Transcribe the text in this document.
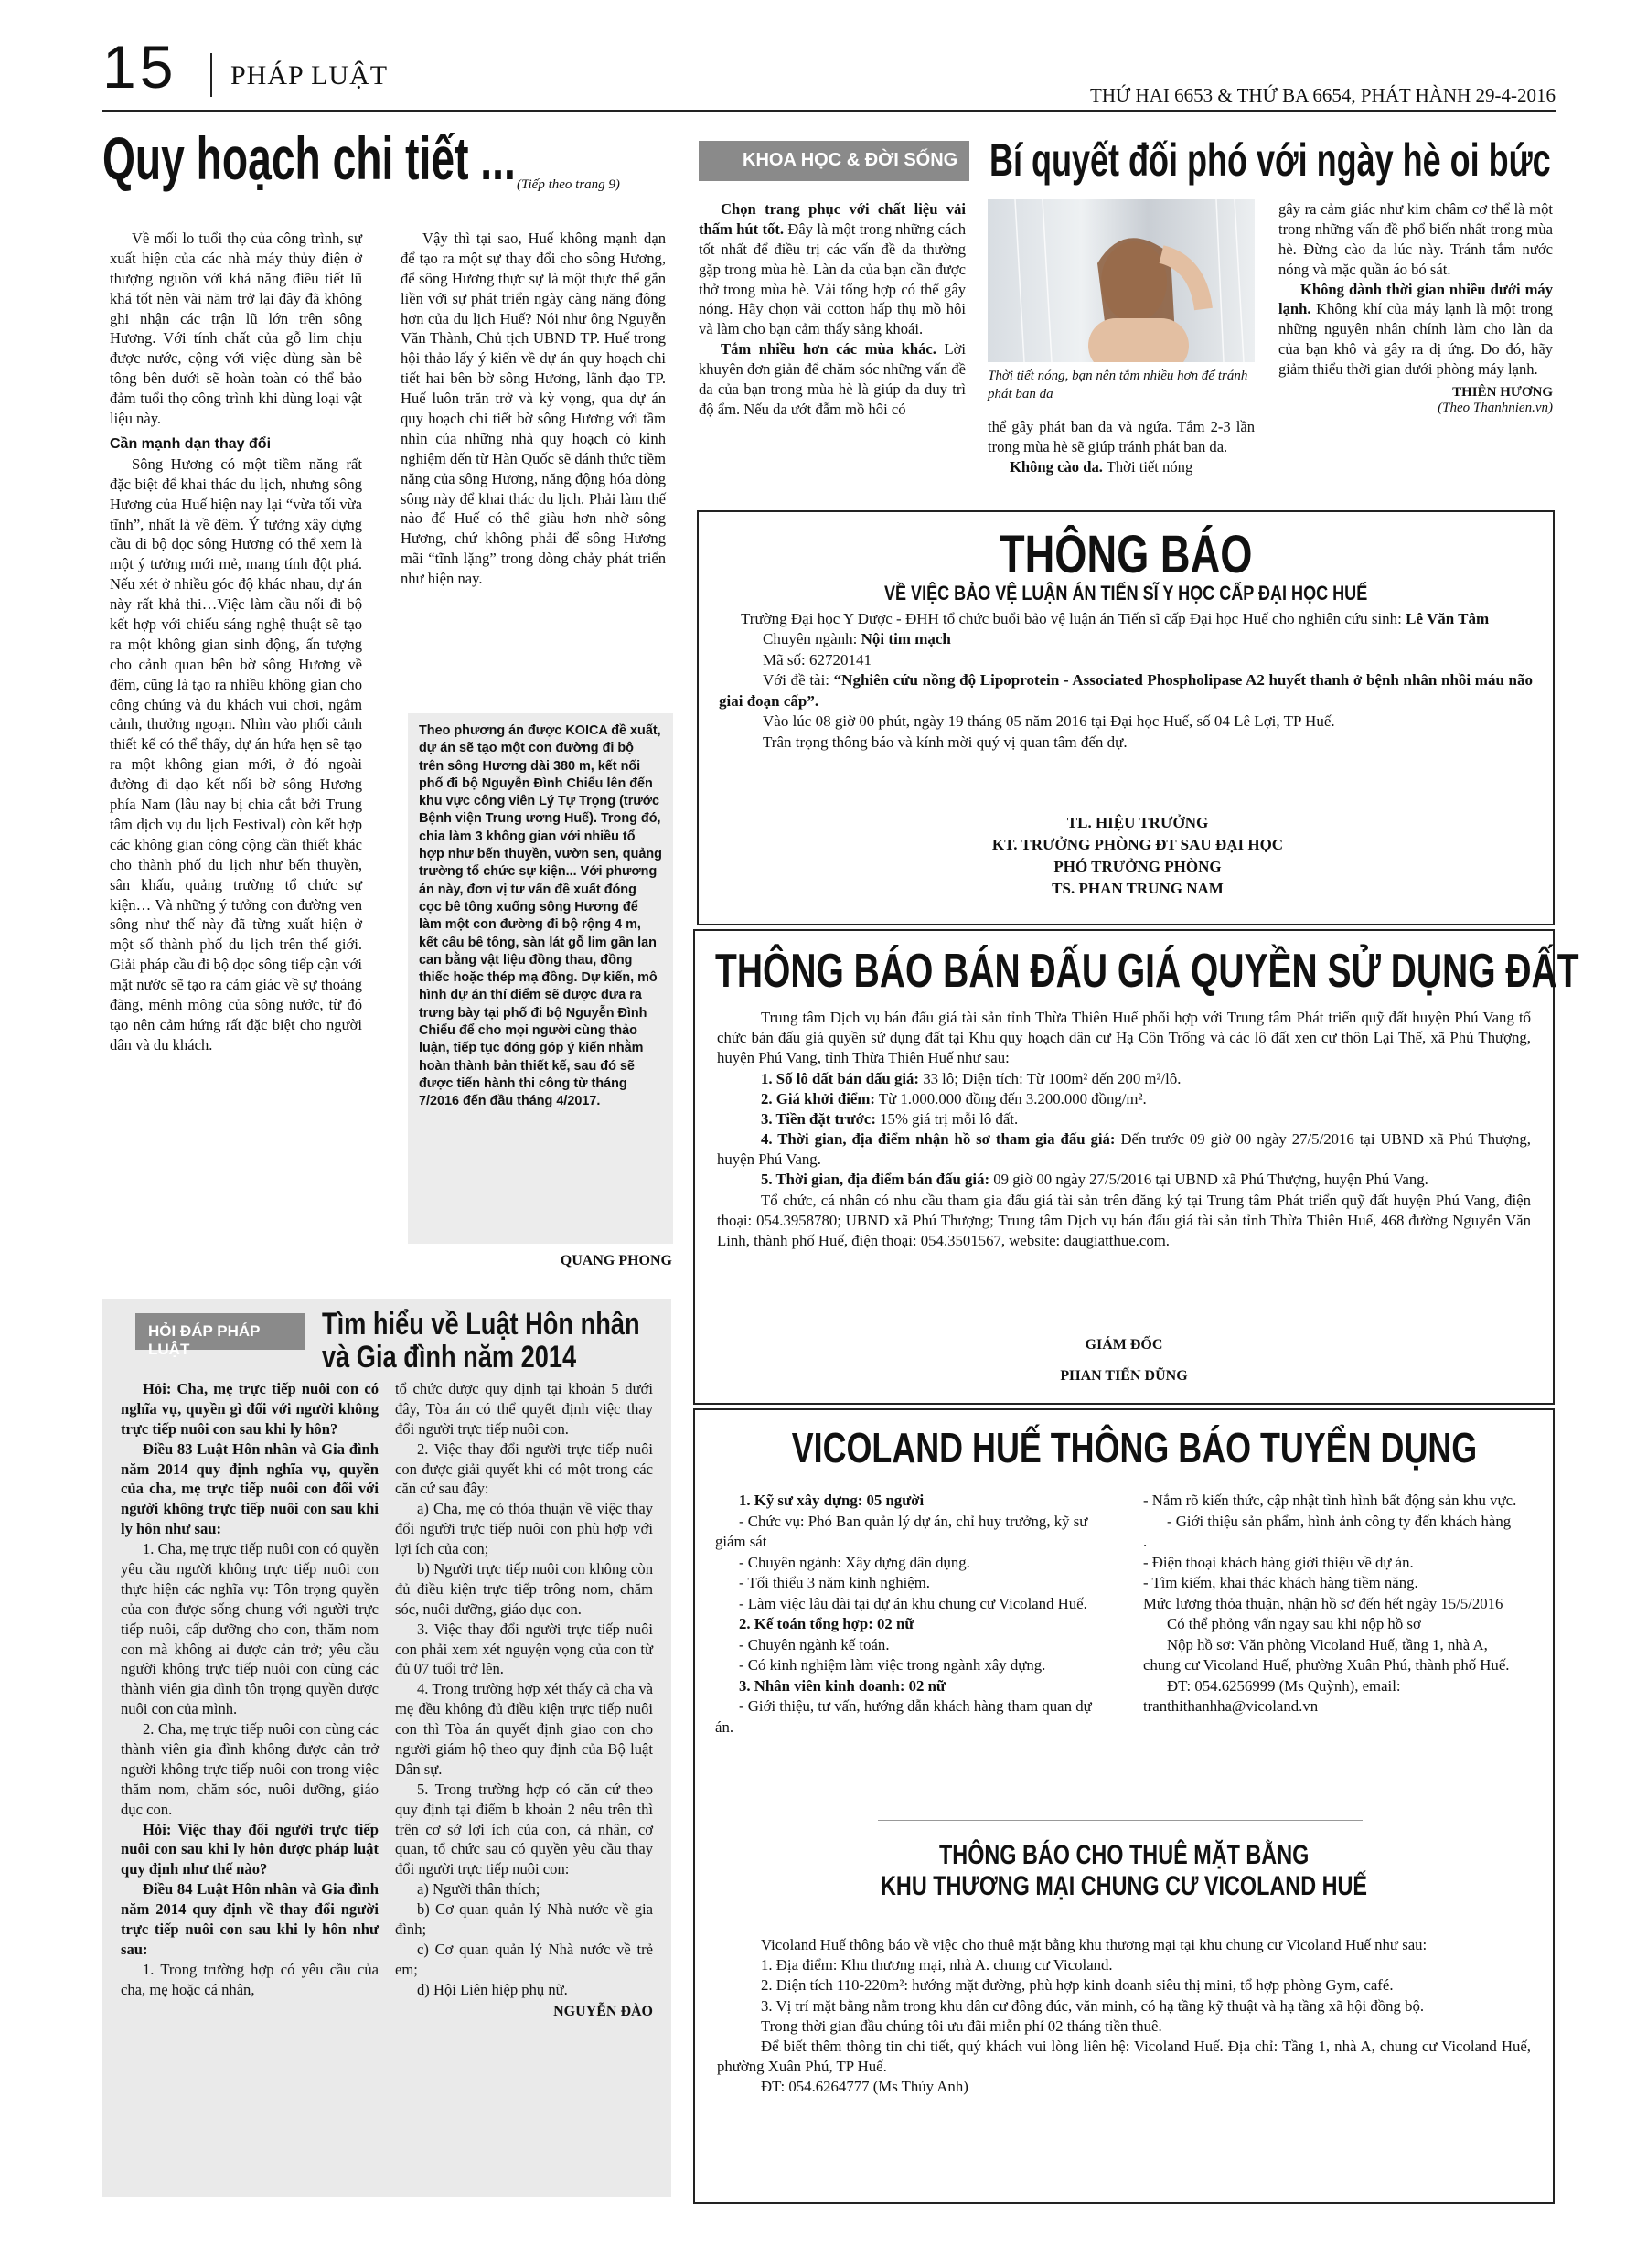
15 PHÁP LUẬT
THỨ HAI 6653 & THỨ BA 6654, PHÁT HÀNH 29-4-2016
Quy hoạch chi tiết ... (Tiếp theo trang 9)

Về mối lo tuổi thọ của công trình, sự xuất hiện của các nhà máy thủy điện ở thượng nguồn với khả năng điều tiết lũ khá tốt nên vài năm trở lại đây đã không ghi nhận các trận lũ lớn trên sông Hương. Với tính chất của gỗ lim chịu được nước, cộng với việc dùng sàn bê tông bên dưới sẽ hoàn toàn có thể bảo đảm tuổi thọ công trình khi dùng loại vật liệu này.

Cần mạnh dạn thay đổi

Sông Hương có một tiềm năng rất đặc biệt để khai thác du lịch, nhưng sông Hương của Huế hiện nay lại “vừa tối vừa tĩnh”, nhất là về đêm. Ý tưởng xây dựng cầu đi bộ dọc sông Hương có thể xem là một ý tưởng mới mẻ, mang tính đột phá. Nếu xét ở nhiều góc độ khác nhau, dự án này rất khả thi…Việc làm cầu nối đi bộ kết hợp với chiếu sáng nghệ thuật sẽ tạo ra một không gian sinh động, ấn tượng cho cảnh quan bên bờ sông Hương về đêm, cũng là tạo ra nhiều không gian cho công chúng và du khách vui chơi, ngắm cảnh, thưởng ngoạn. Nhìn vào phối cảnh thiết kế có thể thấy, dự án hứa hẹn sẽ tạo ra một không gian mới, ở đó ngoài đường đi dạo kết nối bờ sông Hương phía Nam (lâu nay bị chia cắt bởi Trung tâm dịch vụ du lịch Festival) còn kết hợp các không gian công cộng cần thiết khác cho thành phố du lịch như bến thuyền, sân khấu, quảng trường tổ chức sự kiện… Và những ý tưởng con đường ven sông như thế này đã từng xuất hiện ở một số thành phố du lịch trên thế giới. Giải pháp cầu đi bộ dọc sông tiếp cận với mặt nước sẽ tạo ra cảm giác về sự thoáng đãng, mênh mông của sông nước, từ đó tạo nên cảm hứng rất đặc biệt cho người dân và du khách.

Vậy thì tại sao, Huế không mạnh dạn để tạo ra một sự thay đổi cho sông Hương, để sông Hương thực sự là một thực thể gắn liền với sự phát triển ngày càng năng động hơn của du lịch Huế? Nói như ông Nguyễn Văn Thành, Chủ tịch UBND TP. Huế trong hội thảo lấy ý kiến về dự án quy hoạch chi tiết hai bên bờ sông Hương, lãnh đạo TP. Huế luôn trăn trở và kỳ vọng, qua dự án quy hoạch chi tiết bờ sông Hương với tầm nhìn của những nhà quy hoạch có kinh nghiệm đến từ Hàn Quốc sẽ đánh thức tiềm năng của sông Hương, năng động hóa dòng sông này để khai thác du lịch. Phải làm thế nào để Huế có thể giàu hơn nhờ sông Hương, chứ không phải để sông Hương mãi “tĩnh lặng” trong dòng chảy phát triển như hiện nay.

Theo phương án được KOICA đề xuất, dự án sẽ tạo một con đường đi bộ trên sông Hương dài 380 m, kết nối phố đi bộ Nguyễn Đình Chiểu lên đến khu vực công viên Lý Tự Trọng (trước Bệnh viện Trung ương Huế). Trong đó, chia làm 3 không gian với nhiều tổ hợp như bến thuyền, vườn sen, quảng trường tổ chức sự kiện... Với phương án này, đơn vị tư vấn đề xuất đóng cọc bê tông xuống sông Hương để làm một con đường đi bộ rộng 4 m, kết cấu bê tông, sàn lát gỗ lim gần lan can bằng vật liệu đồng thau, đồng thiếc hoặc thép mạ đồng. Dự kiến, mô hình dự án thí điểm sẽ được đưa ra trưng bày tại phố đi bộ Nguyễn Đình Chiểu để cho mọi người cùng thảo luận, tiếp tục đóng góp ý kiến nhằm hoàn thành bản thiết kế, sau đó sẽ được tiến hành thi công từ tháng 7/2016 đến đầu tháng 4/2017.

QUANG PHONG
KHOA HỌC & ĐỜI SỐNG Bí quyết đối phó với ngày hè oi bức

Chọn trang phục với chất liệu vải thấm hút tốt. Đây là một trong những cách tốt nhất để điều trị các vấn đề da thường gặp trong mùa hè. Làn da của bạn cần được thở trong mùa hè. Vải tổng hợp có thể gây nóng. Hãy chọn vải cotton hấp thụ mồ hôi và làm cho bạn cảm thấy sảng khoái.

Tắm nhiều hơn các mùa khác. Lời khuyên đơn giản để chăm sóc những vấn đề da của bạn trong mùa hè là giúp da duy trì độ ẩm. Nếu da ướt đẫm mồ hôi có

Thời tiết nóng, bạn nên tắm nhiều hơn để tránh phát ban da

thể gây phát ban da và ngứa. Tắm 2-3 lần trong mùa hè sẽ giúp tránh phát ban da.

Không cào da. Thời tiết nóng

gây ra cảm giác như kim châm cơ thể là một trong những vấn đề phổ biến nhất trong mùa hè. Đừng cào da lúc này. Tránh tắm nước nóng và mặc quần áo bó sát.

Không dành thời gian nhiều dưới máy lạnh. Không khí của máy lạnh là một trong những nguyên nhân chính làm cho làn da của bạn khô và gây ra dị ứng. Do đó, hãy giảm thiểu thời gian dưới phòng máy lạnh.

THIÊN HƯƠNG
(Theo Thanhnien.vn)
THÔNG BÁO
VỀ VIỆC BẢO VỆ LUẬN ÁN TIẾN SĨ Y HỌC CẤP ĐẠI HỌC HUẾ

Trường Đại học Y Dược - ĐHH tổ chức buổi bảo vệ luận án Tiến sĩ cấp Đại học Huế cho nghiên cứu sinh: Lê Văn Tâm

Chuyên ngành: Nội tim mạch

Mã số: 62720141

Với đề tài: “Nghiên cứu nồng độ Lipoprotein - Associated Phospholipase A2 huyết thanh ở bệnh nhân nhồi máu não giai đoạn cấp”.

Vào lúc 08 giờ 00 phút, ngày 19 tháng 05 năm 2016 tại Đại học Huế, số 04 Lê Lợi, TP Huế.

Trân trọng thông báo và kính mời quý vị quan tâm đến dự.

TL. HIỆU TRƯỞNG
KT. TRƯỞNG PHÒNG ĐT SAU ĐẠI HỌC
PHÓ TRƯỞNG PHÒNG
TS. PHAN TRUNG NAM
THÔNG BÁO BÁN ĐẤU GIÁ QUYỀN SỬ DỤNG ĐẤT

Trung tâm Dịch vụ bán đấu giá tài sản tỉnh Thừa Thiên Huế phối hợp với Trung tâm Phát triển quỹ đất huyện Phú Vang tổ chức bán đấu giá quyền sử dụng đất tại Khu quy hoạch dân cư Hạ Côn Trống và các lô đất xen cư thôn Lại Thế, xã Phú Thượng, huyện Phú Vang, tỉnh Thừa Thiên Huế như sau:

1. Số lô đất bán đấu giá: 33 lô; Diện tích: Từ 100m² đến 200 m²/lô.

2. Giá khởi điểm: Từ 1.000.000 đồng đến 3.200.000 đồng/m².

3. Tiền đặt trước: 15% giá trị mỗi lô đất.

4. Thời gian, địa điểm nhận hồ sơ tham gia đấu giá: Đến trước 09 giờ 00 ngày 27/5/2016 tại UBND xã Phú Thượng, huyện Phú Vang.

5. Thời gian, địa điểm bán đấu giá: 09 giờ 00 ngày 27/5/2016 tại UBND xã Phú Thượng, huyện Phú Vang.

Tổ chức, cá nhân có nhu cầu tham gia đấu giá tài sản trên đăng ký tại Trung tâm Phát triển quỹ đất huyện Phú Vang, điện thoại: 054.3958780; UBND xã Phú Thượng; Trung tâm Dịch vụ bán đấu giá tài sản tỉnh Thừa Thiên Huế, 468 đường Nguyễn Văn Linh, thành phố Huế, điện thoại: 054.3501567, website: daugiatthue.com.

GIÁM ĐỐC
PHAN TIẾN DŨNG
VICOLAND HUẾ THÔNG BÁO TUYỂN DỤNG
1. Kỹ sư xây dựng: 05 người
- Chức vụ: Phó Ban quản lý dự án, chỉ huy trưởng, kỹ sư giám sát
- Chuyên ngành: Xây dựng dân dụng.
- Tối thiểu 3 năm kinh nghiệm.
- Làm việc lâu dài tại dự án khu chung cư Vicoland Huế.
2. Kế toán tổng hợp: 02 nữ
- Chuyên ngành kế toán.
- Có kinh nghiệm làm việc trong ngành xây dựng.
3. Nhân viên kinh doanh: 02 nữ
- Giới thiệu, tư vấn, hướng dẫn khách hàng tham quan dự án.
- Nắm rõ kiến thức, cập nhật tình hình bất động sản khu vực.
- Giới thiệu sản phẩm, hình ảnh công ty đến khách hàng .
- Điện thoại khách hàng giới thiệu về dự án.
- Tìm kiếm, khai thác khách hàng tiềm năng.
Mức lương thỏa thuận, nhận hồ sơ đến hết ngày 15/5/2016
Có thể phỏng vấn ngay sau khi nộp hồ sơ
Nộp hồ sơ: Văn phòng Vicoland Huế, tầng 1, nhà A, chung cư Vicoland Huế, phường Xuân Phú, thành phố Huế.
ĐT: 054.6256999 (Ms Quỳnh), email:
tranthithanhha@vicoland.vn
THÔNG BÁO CHO THUÊ MẶT BẰNG
KHU THƯƠNG MẠI CHUNG CƯ VICOLAND HUẾ

Vicoland Huế thông báo về việc cho thuê mặt bằng khu thương mại tại khu chung cư Vicoland Huế như sau:

1. Địa điểm: Khu thương mại, nhà A. chung cư Vicoland.

2. Diện tích 110-220m²: hướng mặt đường, phù hợp kinh doanh siêu thị mini, tổ hợp phòng Gym, café.

3. Vị trí mặt bằng nằm trong khu dân cư đông đúc, văn minh, có hạ tầng kỹ thuật và hạ tầng xã hội đồng bộ.

Trong thời gian đầu chúng tôi ưu đãi miễn phí 02 tháng tiền thuê.

Để biết thêm thông tin chi tiết, quý khách vui lòng liên hệ: Vicoland Huế. Địa chỉ: Tầng 1, nhà A, chung cư Vicoland Huế, phường Xuân Phú, TP Huế.

ĐT: 054.6264777 (Ms Thúy Anh)

HỎI ĐÁP PHÁP LUẬT
Tìm hiểu về Luật Hôn nhân
và Gia đình năm 2014

Hỏi: Cha, mẹ trực tiếp nuôi con có nghĩa vụ, quyền gì đối với người không trực tiếp nuôi con sau khi ly hôn?

Điều 83 Luật Hôn nhân và Gia đình năm 2014 quy định nghĩa vụ, quyền của cha, mẹ trực tiếp nuôi con đối với người không trực tiếp nuôi con sau khi ly hôn như sau:

1. Cha, mẹ trực tiếp nuôi con có quyền yêu cầu người không trực tiếp nuôi con thực hiện các nghĩa vụ: Tôn trọng quyền của con được sống chung với người trực tiếp nuôi, cấp dưỡng cho con, thăm nom con mà không ai được cản trở; yêu cầu người không trực tiếp nuôi con cùng các thành viên gia đình tôn trọng quyền được nuôi con của mình.

2. Cha, mẹ trực tiếp nuôi con cùng các thành viên gia đình không được cản trở người không trực tiếp nuôi con trong việc thăm nom, chăm sóc, nuôi dưỡng, giáo dục con.

Hỏi: Việc thay đổi người trực tiếp nuôi con sau khi ly hôn được pháp luật quy định như thế nào?

Điều 84 Luật Hôn nhân và Gia đình năm 2014 quy định về thay đổi người trực tiếp nuôi con sau khi ly hôn như sau:

1. Trong trường hợp có yêu cầu của cha, mẹ hoặc cá nhân,

tổ chức được quy định tại khoản 5 dưới đây, Tòa án có thể quyết định việc thay đổi người trực tiếp nuôi con.

2. Việc thay đổi người trực tiếp nuôi con được giải quyết khi có một trong các căn cứ sau đây:

a) Cha, mẹ có thỏa thuận về việc thay đổi người trực tiếp nuôi con phù hợp với lợi ích của con;

b) Người trực tiếp nuôi con không còn đủ điều kiện trực tiếp trông nom, chăm sóc, nuôi dưỡng, giáo dục con.

3. Việc thay đổi người trực tiếp nuôi con phải xem xét nguyện vọng của con từ đủ 07 tuổi trở lên.

4. Trong trường hợp xét thấy cả cha và mẹ đều không đủ điều kiện trực tiếp nuôi con thì Tòa án quyết định giao con cho người giám hộ theo quy định của Bộ luật Dân sự.

5. Trong trường hợp có căn cứ theo quy định tại điểm b khoản 2 nêu trên thì trên cơ sở lợi ích của con, cá nhân, cơ quan, tổ chức sau có quyền yêu cầu thay đổi người trực tiếp nuôi con:

a) Người thân thích;

b) Cơ quan quản lý Nhà nước về gia đình;

c) Cơ quan quản lý Nhà nước về trẻ em;

d) Hội Liên hiệp phụ nữ.

NGUYỄN ĐÀO
